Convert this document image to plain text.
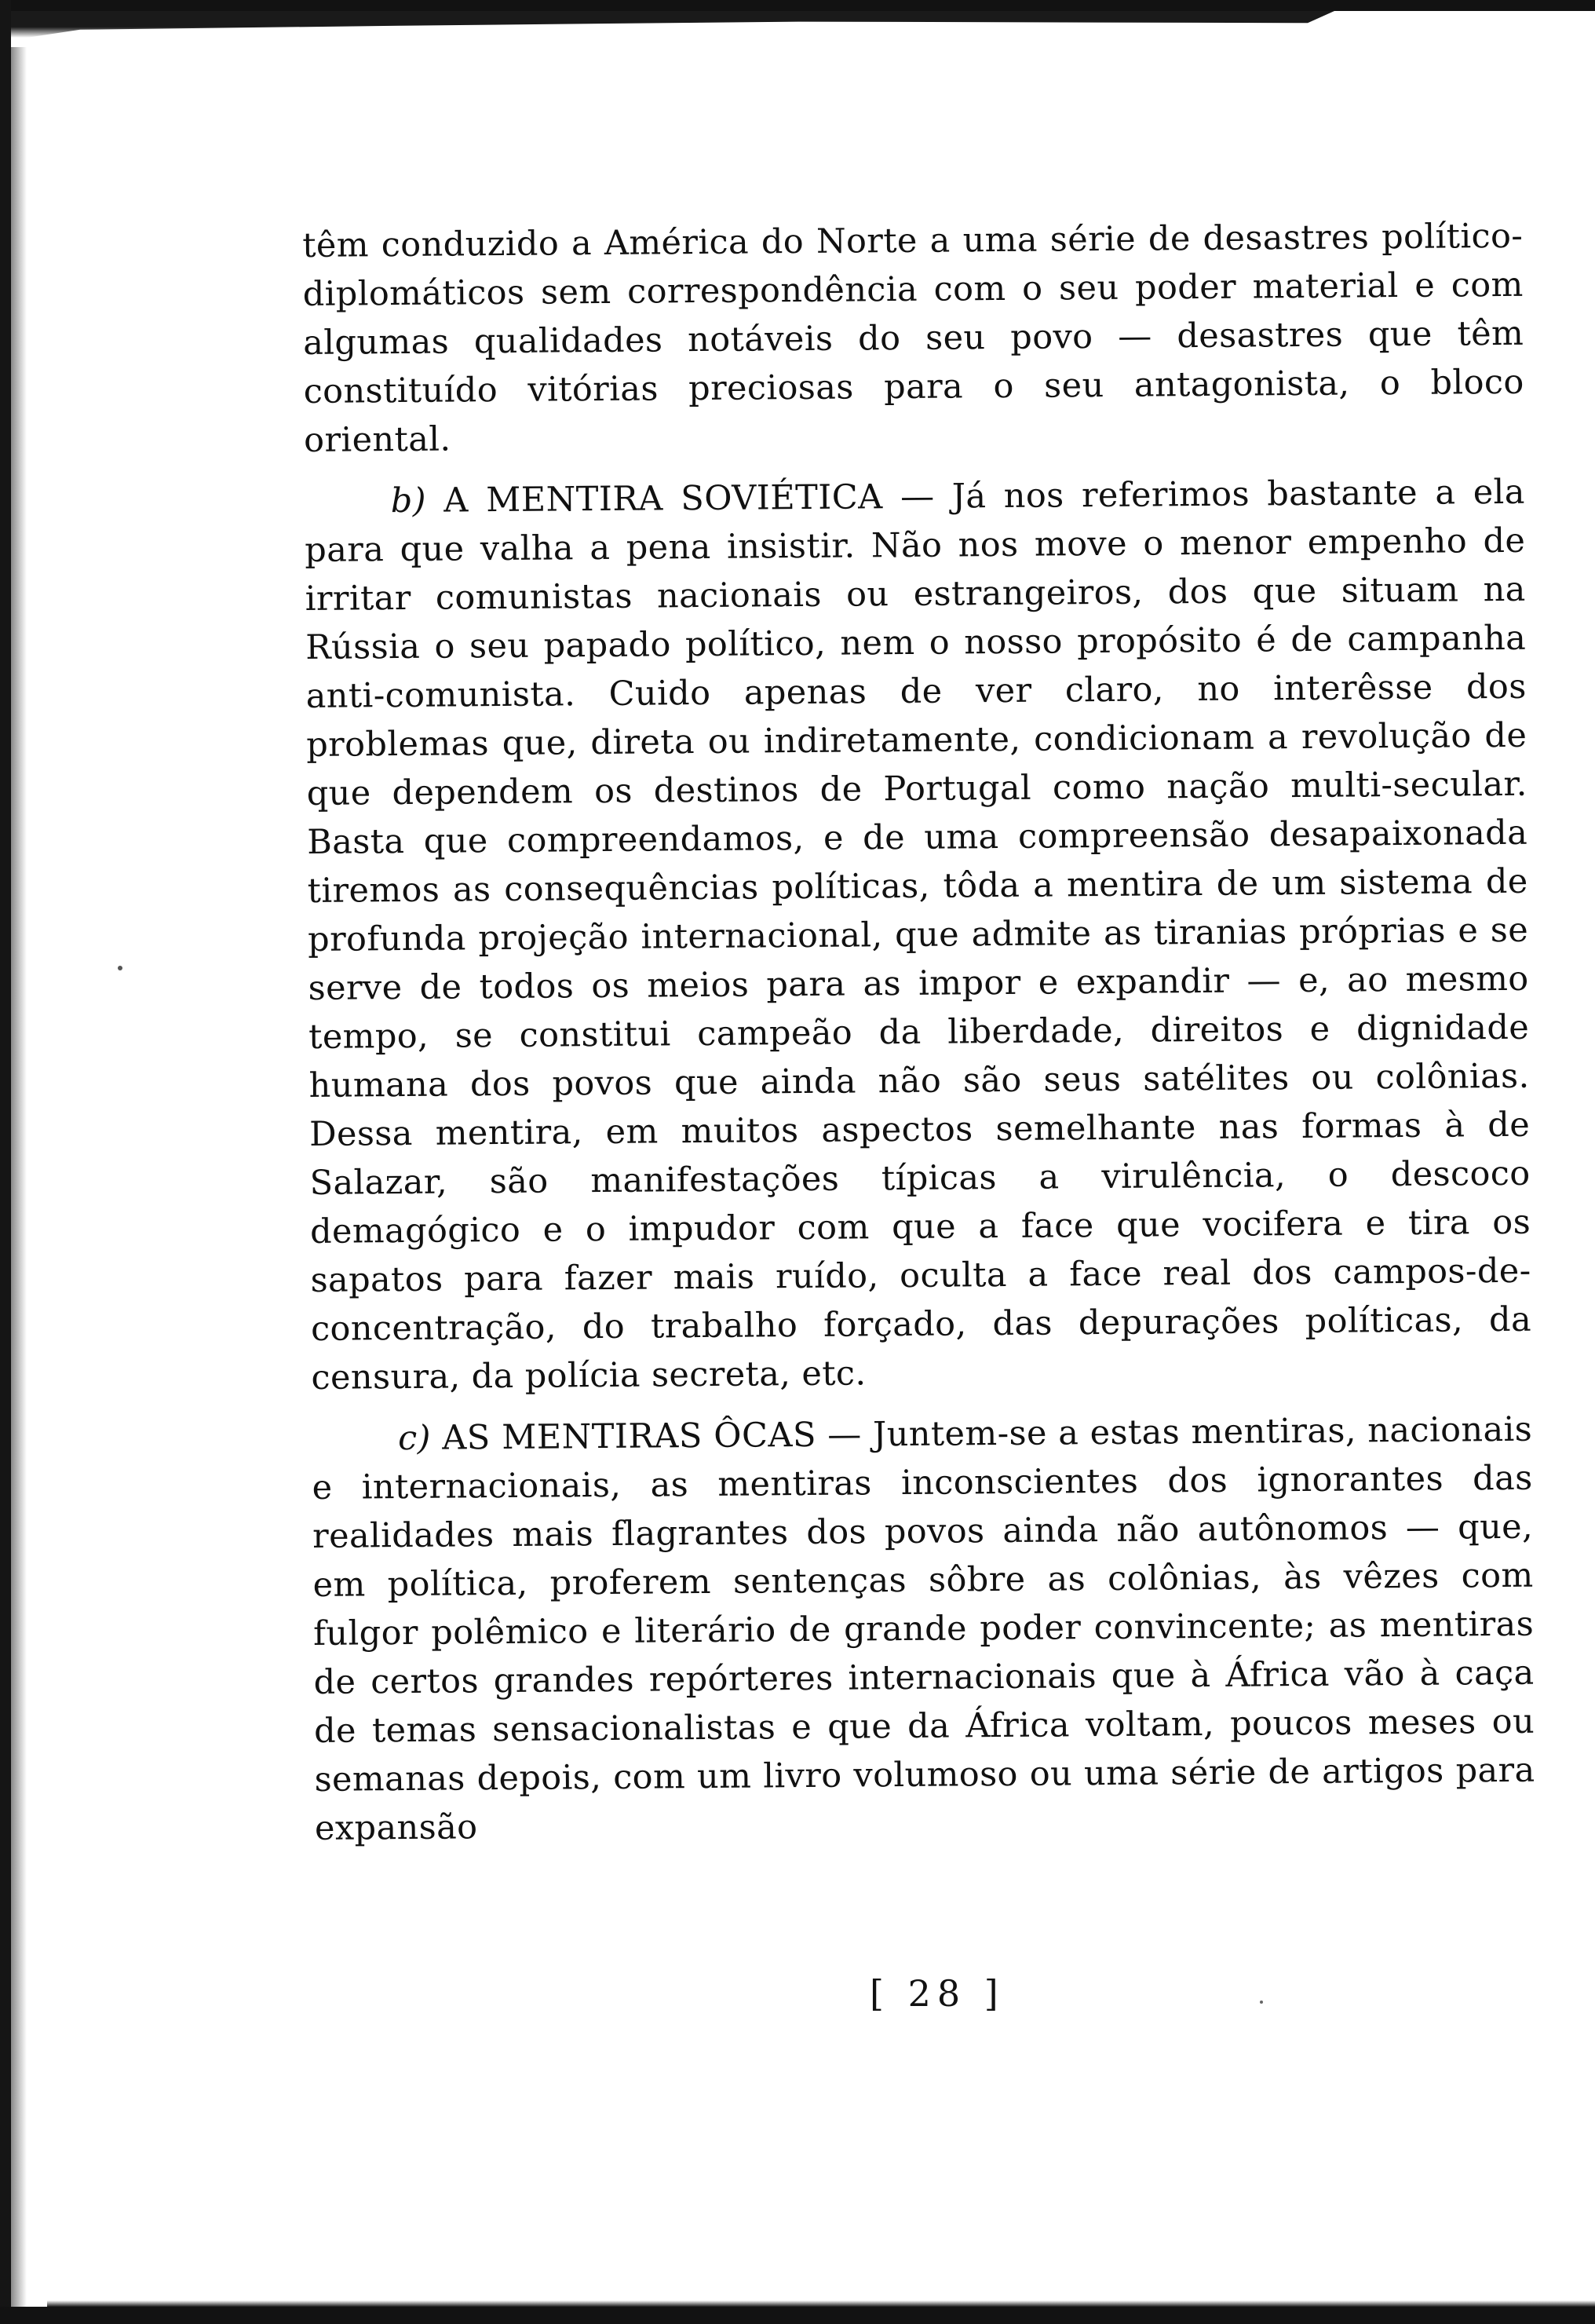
têm conduzido a América do Norte a uma série de desastres político-diplomáticos sem correspondência com o seu poder material e com algumas qualidades notáveis do seu povo — desastres que têm constituído vitórias preciosas para o seu antagonista, o bloco oriental.

b) A MENTIRA SOVIÉTICA — Já nos referimos bastante a ela para que valha a pena insistir. Não nos move o menor empenho de irritar comunistas nacionais ou estrangeiros, dos que situam na Rússia o seu papado político, nem o nosso propósito é de campanha anti-comunista. Cuido apenas de ver claro, no interêsse dos problemas que, direta ou indiretamente, condicionam a revolução de que dependem os destinos de Portugal como nação multi-secular. Basta que compreendamos, e de uma compreensão desapaixonada tiremos as consequências políticas, tôda a mentira de um sistema de profunda projeção internacional, que admite as tiranias próprias e se serve de todos os meios para as impor e expandir — e, ao mesmo tempo, se constitui campeão da liberdade, direitos e dignidade humana dos povos que ainda não são seus satélites ou colônias. Dessa mentira, em muitos aspectos semelhante nas formas à de Salazar, são manifestações típicas a virulência, o descoco demagógico e o impudor com que a face que vocifera e tira os sapatos para fazer mais ruído, oculta a face real dos campos-de-concentração, do trabalho forçado, das depurações políticas, da censura, da polícia secreta, etc.

c) AS MENTIRAS ÔCAS — Juntem-se a estas mentiras, nacionais e internacionais, as mentiras inconscientes dos ignorantes das realidades mais flagrantes dos povos ainda não autônomos — que, em política, proferem sentenças sôbre as colônias, às vêzes com fulgor polêmico e literário de grande poder convincente; as mentiras de certos grandes repórteres internacionais que à África vão à caça de temas sensacionalistas e que da África voltam, poucos meses ou semanas depois, com um livro volumoso ou uma série de artigos para expansão

[ 28 ]
